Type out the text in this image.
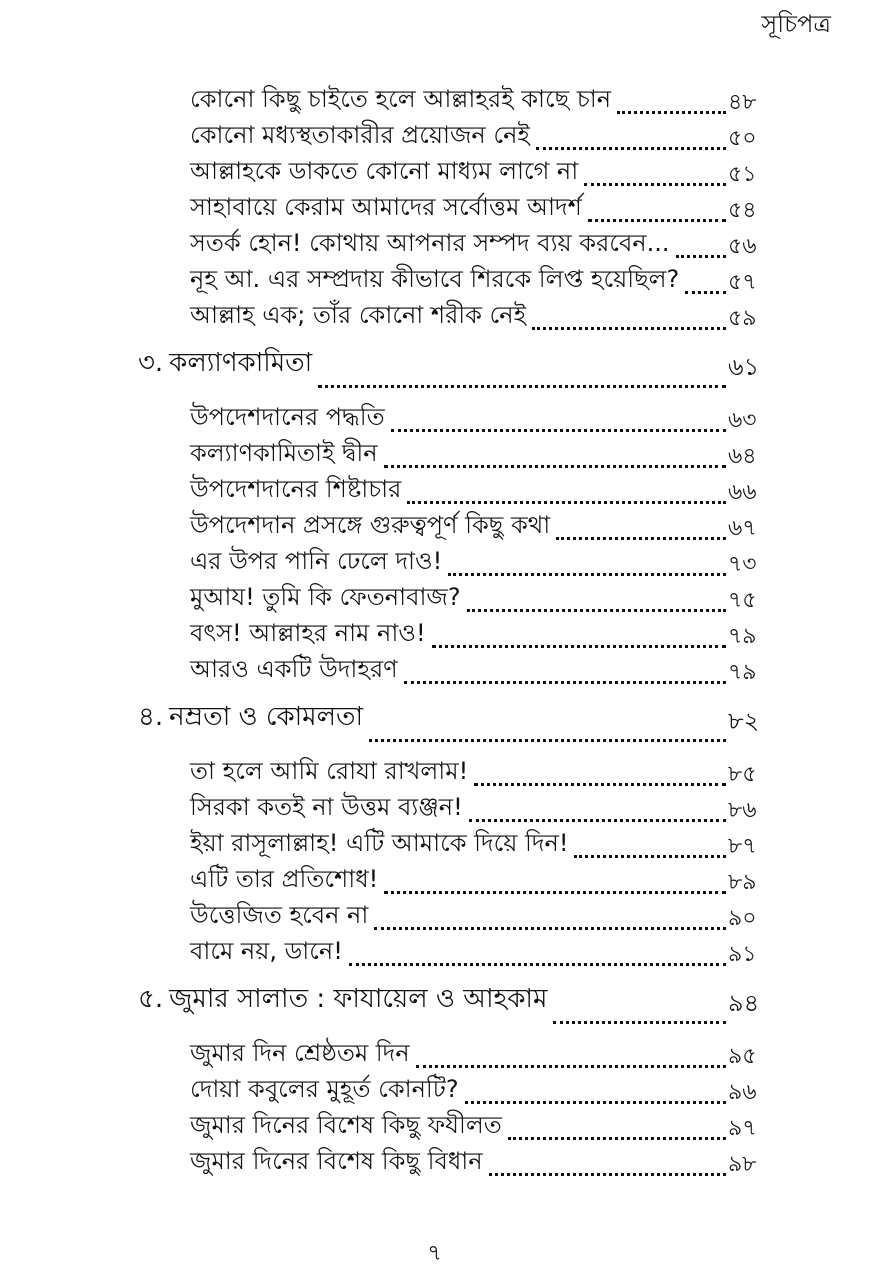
সূচিপত্র
কোনো কিছু চাইতে হলে আল্লাহরই কাছে চান	৪৮
কোনো মধ্যস্থতাকারীর প্রয়োজন নেই	৫০
আল্লাহকে ডাকতে কোনো মাধ্যম লাগে না	৫১
সাহাবায়ে কেরাম আমাদের সর্বোত্তম আদর্শ	৫৪
সতর্ক হোন! কোথায় আপনার সম্পদ ব্যয় করবেন...	৫৬
নূহ আ. এর সম্প্রদায় কীভাবে শিরকে লিপ্ত হয়েছিল? ৫৭
আল্লাহ এক; তাঁর কোনো শরীক নেই	৫৯
৩. কল্যাণকামিতা	৬১
উপদেশদানের পদ্ধতি	৬৩
কল্যাণকামিতাই দ্বীন	৬৪
উপদেশদানের শিষ্টাচার	৬৬
উপদেশদান প্রসঙ্গে গুরুত্বপূর্ণ কিছু কথা	৬৭
এর উপর পানি ঢেলে দাও!	৭৩
মুআয! তুমি কি ফেতনাবাজ?	৭৫
বৎস! আল্লাহর নাম নাও!	৭৯
আরও একটি উদাহরণ	৭৯
৪. নম্রতা ও কোমলতা	৮২
তা হলে আমি রোযা রাখলাম!	৮৫
সিরকা কতই না উত্তম ব্যঞ্জন!	৮৬
ইয়া রাসূলাল্লাহ! এটি আমাকে দিয়ে দিন!	৮৭
এটি তার প্রতিশোধ!	৮৯
উত্তেজিত হবেন না	৯০
বামে নয়, ডানে!	৯১
৫. জুমার সালাত : ফাযায়েল ও আহকাম	৯৪
জুমার দিন শ্রেষ্ঠতম দিন	৯৫
দোয়া কবুলের মুহূর্ত কোনটি?	৯৬
জুমার দিনের বিশেষ কিছু ফযীলত	৯৭
জুমার দিনের বিশেষ কিছু বিধান	৯৮
৭
